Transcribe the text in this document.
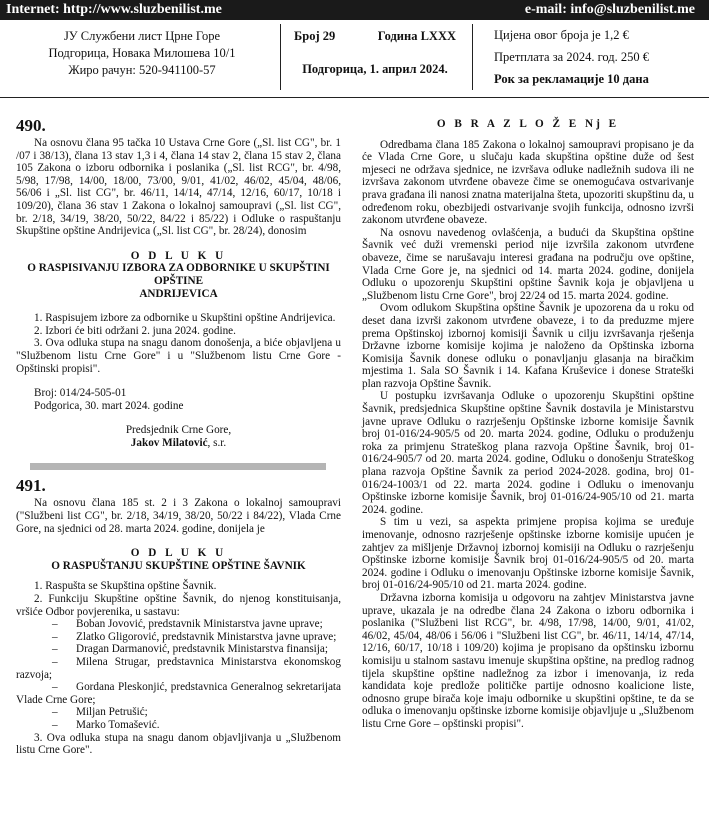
Internet: http://www.sluzbenilist.me	e-mail: info@sluzbenilist.me
ЈУ Службени лист Црне Горе
Подгорица, Новака Милошева 10/1
Жиро рачун: 520-941100-57
Број 29	Година LXXX
Подгорица, 1. април 2024.
Цијена овог броја је 1,2 €
Претплата за 2024. год. 250 €
Рок за рекламације 10 дана
490.

Na osnovu člana 95 tačka 10 Ustava Crne Gore („Sl. list CG", br. 1 /07 i 38/13), člana 13 stav 1,3 i 4, člana 14 stav 2, člana 15 stav 2, člana 105 Zakona o izboru odbornika i poslanika („Sl. list RCG", br. 4/98, 5/98, 17/98, 14/00, 18/00, 73/00, 9/01, 41/02, 46/02, 45/04, 48/06, 56/06 i „Sl. list CG", br. 46/11, 14/14, 47/14, 12/16, 60/17, 10/18 i 109/20), člana 36 stav 1 Zakona o lokalnoj samoupravi („Sl. list CG", br. 2/18, 34/19, 38/20, 50/22, 84/22 i 85/22) i Odluke o raspuštanju Skupštine opštine Andrijevica („Sl. list CG", br. 28/24), donosim

O D L U K U
O RASPISIVANJU IZBORA ZA ODBORNIKE U SKUPŠTINI OPŠTINE
ANDRIJEVICA

1. Raspisujem izbore za odbornike u Skupštini opštine Andrijevica.

2. Izbori će biti održani 2. juna 2024. godine.

3. Ova odluka stupa na snagu danom donošenja, a biće objavljena u "Službenom listu Crne Gore" i u "Službenom listu Crne Gore - Opštinski propisi".

Broj: 014/24-505-01

Podgorica, 30. mart 2024. godine

Predsjednik Crne Gore,
Jakov Milatović, s.r.
491.

Na osnovu člana 185 st. 2 i 3 Zakona o lokalnoj samoupravi ("Službeni list CG", br. 2/18, 34/19, 38/20, 50/22 i 84/22), Vlada Crne Gore, na sjednici od 28. marta 2024. godine, donijela je

O D L U K U
O RASPUŠTANJU SKUPŠTINE OPŠTINE ŠAVNIK

1. Raspušta se Skupština opštine Šavnik.

2. Funkciju Skupštine opštine Šavnik, do njenog konstituisanja, vršiće Odbor povjerenika, u sastavu:

– Boban Jovović, predstavnik Ministarstva javne uprave;

– Zlatko Gligorović, predstavnik Ministarstva javne uprave;

– Dragan Darmanović, predstavnik Ministarstva finansija;

– Milena Strugar, predstavnica Ministarstva ekonomskog razvoja;

– Gordana Pleskonjić, predstavnica Generalnog sekretarijata Vlade Crne Gore;

– Miljan Petrušić;

– Marko Tomašević.

3. Ova odluka stupa na snagu danom objavljivanja u „Službenom listu Crne Gore".

O B R A Z L O Ž E Nj E

Odredbama člana 185 Zakona o lokalnoj samoupravi propisano je da će Vlada Crne Gore, u slučaju kada skupština opštine duže od šest mjeseci ne održava sjednice, ne izvršava odluke nadležnih sudova ili ne izvršava zakonom utvrđene obaveze čime se onemogućava ostvarivanje prava građana ili nanosi znatna materijalna šteta, upozoriti skupštinu da, u određenom roku, obezbijedi ostvarivanje svojih funkcija, odnosno izvrši zakonom utvrđene obaveze.

Na osnovu navedenog ovlašćenja, a budući da Skupština opštine Šavnik već duži vremenski period nije izvršila zakonom utvrđene obaveze, čime se narušavaju interesi građana na području ove opštine, Vlada Crne Gore je, na sjednici od 14. marta 2024. godine, donijela Odluku o upozorenju Skupštini opštine Šavnik koja je objavljena u „Službenom listu Crne Gore", broj 22/24 od 15. marta 2024. godine.

Ovom odlukom Skupština opštine Šavnik je upozorena da u roku od deset dana izvrši zakonom utvrđene obaveze, i to da preduzme mjere prema Opštinskoj izbornoj komisiji Šavnik u cilju izvršavanja rješenja Državne izborne komisije kojima je naloženo da Opštinska izborna Komisija Šavnik donese odluku o ponavljanju glasanja na biračkim mjestima 1. Sala SO Šavnik i 14. Kafana Kruševice i donese Strateški plan razvoja Opštine Šavnik.

U postupku izvršavanja Odluke o upozorenju Skupštini opštine Šavnik, predsjednica Skupštine opštine Šavnik dostavila je Ministarstvu javne uprave Odluku o razrješenju Opštinske izborne komisije Šavnik broj 01-016/24-905/5 od 20. marta 2024. godine, Odluku o produženju roka za primjenu Strateškog plana razvoja Opštine Šavnik, broj 01-016/24-905/7 od 20. marta 2024. godine, Odluku o donošenju Strateškog plana razvoja Opštine Šavnik za period 2024-2028. godina, broj 01-016/24-1003/1 od 22. marta 2024. godine i Odluku o imenovanju Opštinske izborne komisije Šavnik, broj 01-016/24-905/10 od 21. marta 2024. godine.

S tim u vezi, sa aspekta primjene propisa kojima se uređuje imenovanje, odnosno razrješenje opštinske izborne komisije upućen je zahtjev za mišljenje Državnoj izbornoj komisiji na Odluku o razrješenju Opštinske izborne komisije Šavnik broj 01-016/24-905/5 od 20. marta 2024. godine i Odluku o imenovanju Opštinske izborne komisije Šavnik, broj 01-016/24-905/10 od 21. marta 2024. godine.

Državna izborna komisija u odgovoru na zahtjev Ministarstva javne uprave, ukazala je na odredbe člana 24 Zakona o izboru odbornika i poslanika ("Službeni list RCG", br. 4/98, 17/98, 14/00, 9/01, 41/02, 46/02, 45/04, 48/06 i 56/06 i "Službeni list CG", br. 46/11, 14/14, 47/14, 12/16, 60/17, 10/18 i 109/20) kojima je propisano da opštinsku izbornu komisiju u stalnom sastavu imenuje skupština opštine, na predlog radnog tijela skupštine opštine nadležnog za izbor i imenovanja, iz reda kandidata koje predlože političke partije odnosno koalicione liste, odnosno grupe birača koje imaju odbornike u skupštini opštine, te da se odluka o imenovanju opštinske izborne komisije objavljuje u „Službenom listu Crne Gore – opštinski propisi".
